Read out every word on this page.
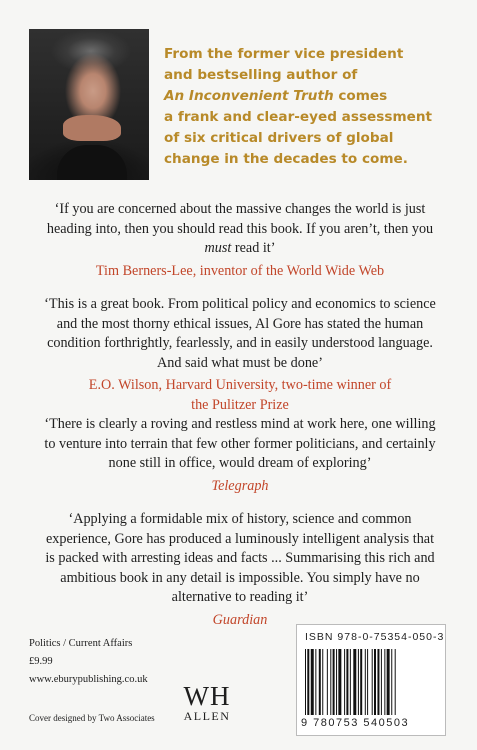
From the former vice president
and bestselling author of
An Inconvenient Truth comes
a frank and clear-eyed assessment
of six critical drivers of global
change in the decades to come.
‘If you are concerned about the massive changes the world is just heading into, then you should read this book. If you aren’t, then you must read it’
Tim Berners-Lee, inventor of the World Wide Web
‘This is a great book. From political policy and economics to science and the most thorny ethical issues, Al Gore has stated the human condition forthrightly, fearlessly, and in easily understood language. And said what must be done’
E.O. Wilson, Harvard University, two-time winner of the Pulitzer Prize
‘There is clearly a roving and restless mind at work here, one willing to venture into terrain that few other former politicians, and certainly none still in office, would dream of exploring’
Telegraph
‘Applying a formidable mix of history, science and common experience, Gore has produced a luminously intelligent analysis that is packed with arresting ideas and facts ... Summarising this rich and ambitious book in any detail is impossible. You simply have no alternative to reading it’
Guardian
Politics / Current Affairs
£9.99
www.eburypublishing.co.uk
Cover designed by Two Associates
WH
ALLEN
ISBN 978-0-75354-050-3
9 780753 540503
